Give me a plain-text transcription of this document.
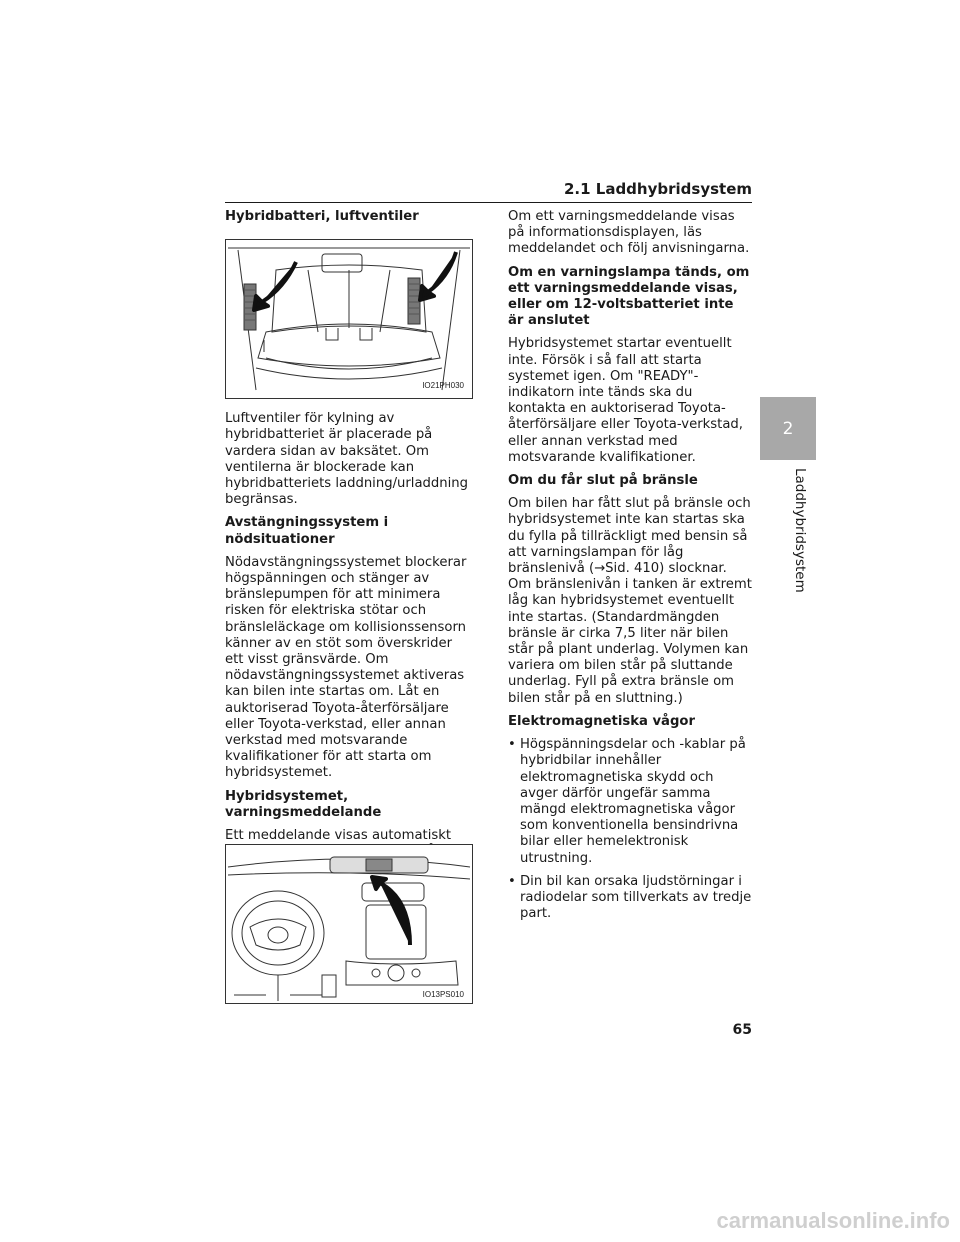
2.1 Laddhybridsystem
Hybridbatteri, luftventiler
IO21PH030

Luftventiler för kylning av hybridbatteriet är placerade på vardera sidan av baksätet. Om ventilerna är blockerade kan hybridbatteriets laddning/urladdning begränsas.

Avstängningssystem i nödsituationer

Nödavstängningssystemet blockerar högspänningen och stänger av bränslepumpen för att minimera risken för elektriska stötar och bränsleläckage om kollisionssensorn känner av en stöt som överskrider ett visst gränsvärde. Om nödavstängningssystemet aktiveras kan bilen inte startas om. Låt en auktoriserad Toyota-återförsäljare eller Toyota-verkstad, eller annan verkstad med motsvarande kvalifikationer för att starta om hybridsystemet.

Hybridsystemet, varningsmeddelande

Ett meddelande visas automatiskt

IO13PS010

Om ett varningsmeddelande visas på informationsdisplayen, läs meddelandet och följ anvisningarna.

Om en varningslampa tänds, om ett varningsmeddelande visas, eller om 12-voltsbatteriet inte är anslutet

Hybridsystemet startar eventuellt inte. Försök i så fall att starta systemet igen. Om "READY"-indikatorn inte tänds ska du kontakta en auktoriserad Toyota-återförsäljare eller Toyota-verkstad, eller annan verkstad med motsvarande kvalifikationer.

Om du får slut på bränsle

Om bilen har fått slut på bränsle och hybridsystemet inte kan startas ska du fylla på tillräckligt med bensin så att varningslampan för låg bränslenivå (→Sid. 410) slocknar. Om bränslenivån i tanken är extremt låg kan hybridsystemet eventuellt inte startas. (Standardmängden bränsle är cirka 7,5 liter när bilen står på plant underlag. Volymen kan variera om bilen står på sluttande underlag. Fyll på extra bränsle om bilen står på en sluttning.)

Elektromagnetiska vågor
• Högspänningsdelar och -kablar på hybridbilar innehåller elektromagnetiska skydd och avger därför ungefär samma mängd elektromagnetiska vågor som konventionella bensindrivna bilar eller hemelektronisk utrustning.
• Din bil kan orsaka ljudstörningar i radiodelar som tillverkats av tredje part.
2
Laddhybridsystem
65
carmanualsonline.info
